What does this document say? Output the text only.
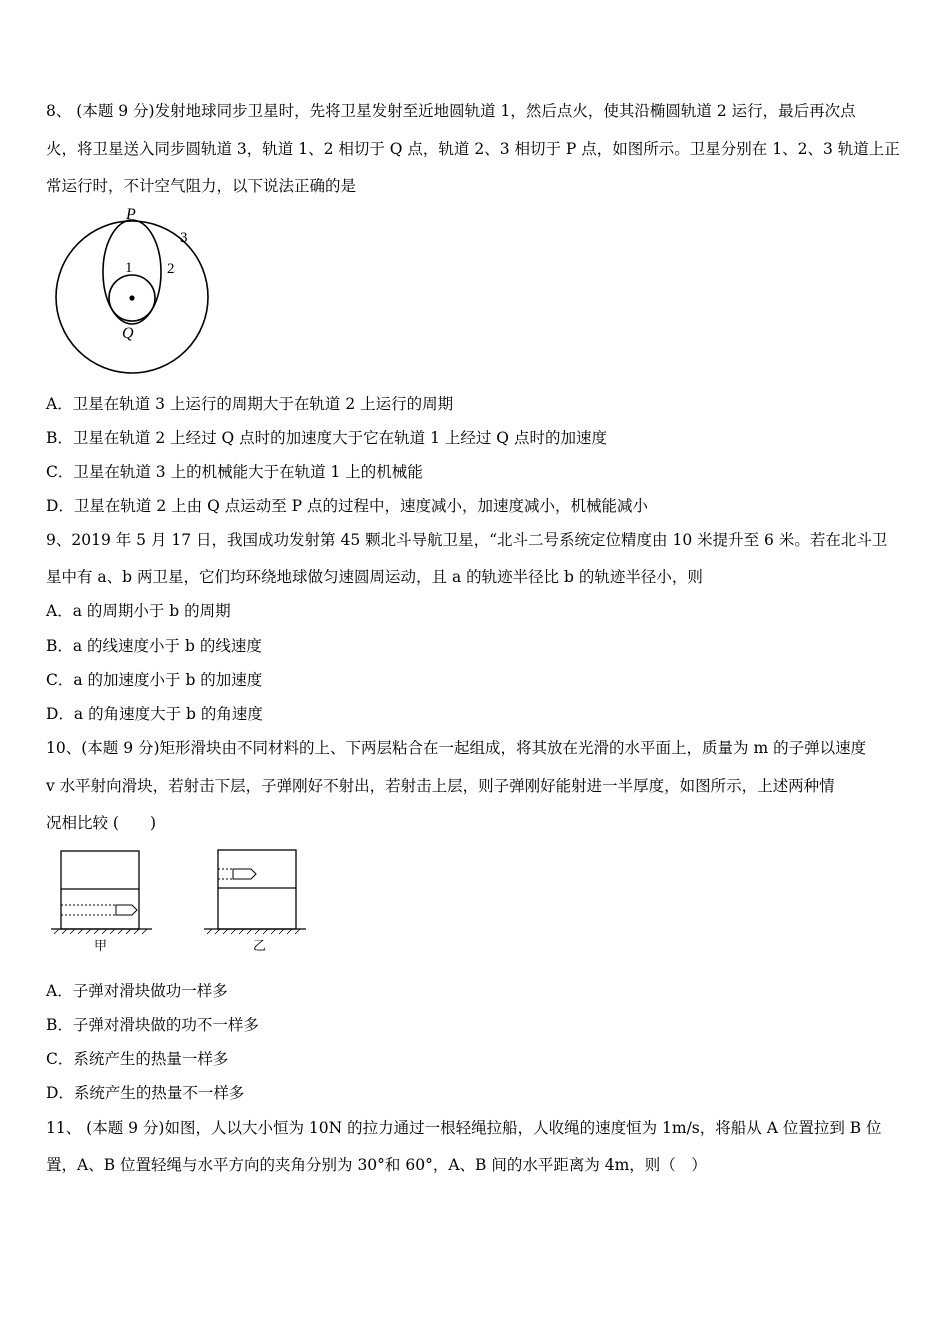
8、 (本题 9 分)发射地球同步卫星时，先将卫星发射至近地圆轨道 1，然后点火，使其沿椭圆轨道 2 运行，最后再次点
火，将卫星送入同步圆轨道 3，轨道 1、2 相切于 Q 点，轨道 2、3 相切于 P 点，如图所示。卫星分别在 1、2、3 轨道上正
常运行时，不计空气阻力，以下说法正确的是
P
Q
1 2
3
A．卫星在轨道 3 上运行的周期大于在轨道 2 上运行的周期
B．卫星在轨道 2 上经过 Q 点时的加速度大于它在轨道 1 上经过 Q 点时的加速度
C．卫星在轨道 3 上的机械能大于在轨道 1 上的机械能
D．卫星在轨道 2 上由 Q 点运动至 P 点的过程中，速度减小，加速度减小，机械能减小
9、2019 年 5 月 17 日，我国成功发射第 45 颗北斗导航卫星，“北斗二号系统定位精度由 10 米提升至 6 米。若在北斗卫
星中有 a、b 两卫星，它们均环绕地球做匀速圆周运动，且 a 的轨迹半径比 b 的轨迹半径小，则
A．a 的周期小于 b 的周期
B．a 的线速度小于 b 的线速度
C．a 的加速度小于 b 的加速度
D．a 的角速度大于 b 的角速度
10、(本题 9 分)矩形滑块由不同材料的上、下两层粘合在一起组成，将其放在光滑的水平面上，质量为 m 的子弹以速度
v 水平射向滑块，若射击下层，子弹刚好不射出，若射击上层，则子弹刚好能射进一半厚度，如图所示，上述两种情
况相比较 (　　)
甲	乙
A．子弹对滑块做功一样多
B．子弹对滑块做的功不一样多
C．系统产生的热量一样多
D．系统产生的热量不一样多
11、 (本题 9 分)如图，人以大小恒为 10N 的拉力通过一根轻绳拉船，人收绳的速度恒为 1m/s，将船从 A 位置拉到 B 位
置，A、B 位置轻绳与水平方向的夹角分别为 30°和 60°，A、B 间的水平距离为 4m，则（　）
